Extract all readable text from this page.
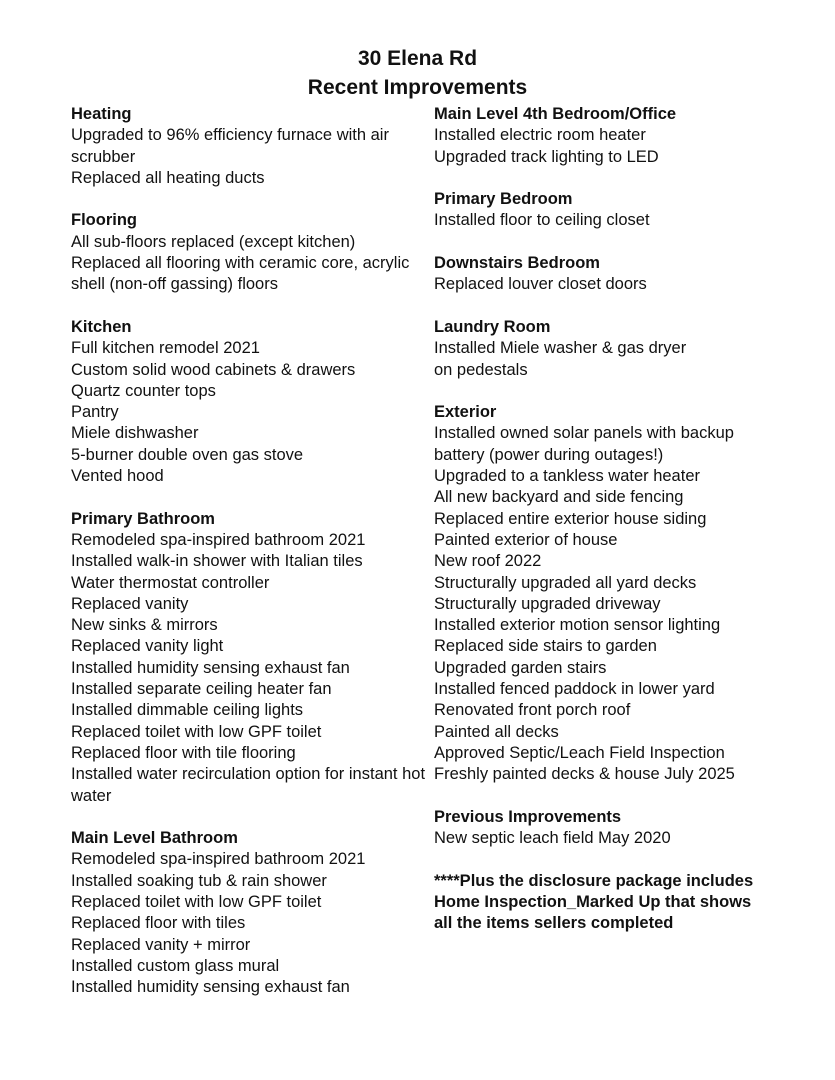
30 Elena Rd
Recent Improvements
Heating
Upgraded to 96% efficiency furnace with air scrubber
Replaced all heating ducts
Flooring
All sub-floors replaced (except kitchen)
Replaced all flooring with ceramic core, acrylic shell (non-off gassing) floors
Kitchen
Full kitchen remodel 2021
Custom solid wood cabinets & drawers
Quartz counter tops
Pantry
Miele dishwasher
5-burner double oven gas stove
Vented hood
Primary Bathroom
Remodeled spa-inspired bathroom 2021
Installed walk-in shower with Italian tiles
Water thermostat controller
Replaced vanity
New sinks & mirrors
Replaced vanity light
Installed humidity sensing exhaust fan
Installed separate ceiling heater fan
Installed dimmable ceiling lights
Replaced toilet with low GPF toilet
Replaced floor with tile flooring
Installed water recirculation option for instant hot water
Main Level Bathroom
Remodeled spa-inspired bathroom 2021
Installed soaking tub & rain shower
Replaced toilet with low GPF toilet
Replaced floor with tiles
Replaced vanity + mirror
Installed custom glass mural
Installed humidity sensing exhaust fan
Main Level 4th Bedroom/Office
Installed electric room heater
Upgraded track lighting to LED
Primary Bedroom
Installed floor to ceiling closet
Downstairs Bedroom
Replaced louver closet doors
Laundry Room
Installed Miele washer & gas dryer
on pedestals
Exterior
Installed owned solar panels with backup
battery (power during outages!)
Upgraded to a tankless water heater
All new backyard and side fencing
Replaced entire exterior house siding
Painted exterior of house
New roof 2022
Structurally upgraded all yard decks
Structurally upgraded driveway
Installed exterior motion sensor lighting
Replaced side stairs to garden
Upgraded garden stairs
Installed fenced paddock in lower yard
Renovated front porch roof
Painted all decks
Approved Septic/Leach Field Inspection
Freshly painted decks & house July 2025
Previous Improvements
New septic leach field May 2020
****Plus the disclosure package includes
Home Inspection_Marked Up that shows
all the items sellers completed
